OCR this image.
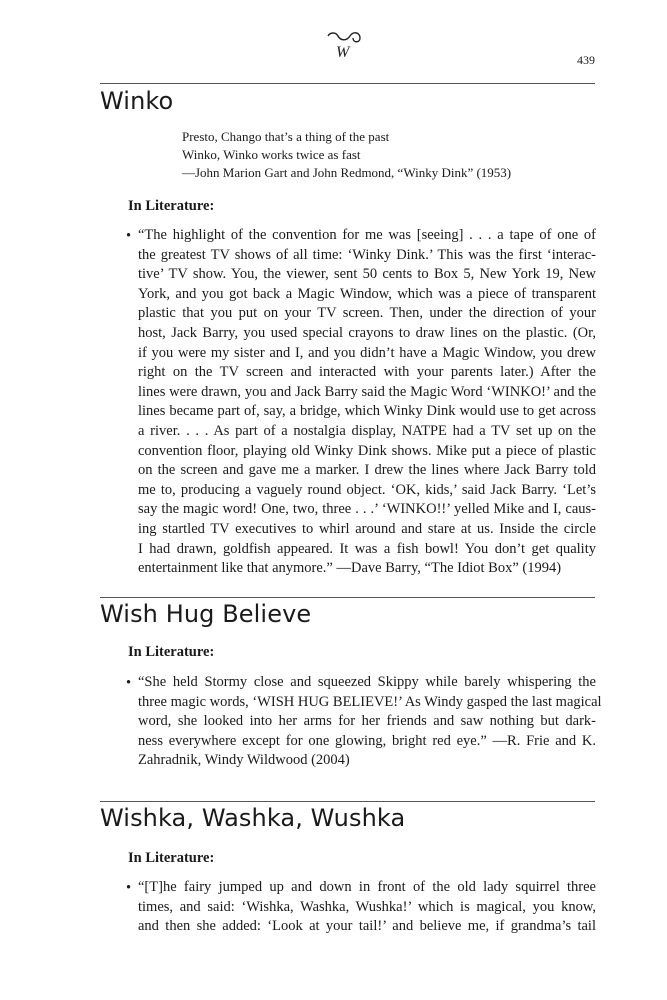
W	439
Winko
Presto, Chango that’s a thing of the past
Winko, Winko works twice as fast
—John Marion Gart and John Redmond, “Winky Dink” (1953)
In Literature:
• “The highlight of the convention for me was [seeing] . . . a tape of one of
the greatest TV shows of all time: ‘Winky Dink.’ This was the first ‘interac-
tive’ TV show. You, the viewer, sent 50 cents to Box 5, New York 19, New
York, and you got back a Magic Window, which was a piece of transparent
plastic that you put on your TV screen. Then, under the direction of your
host, Jack Barry, you used special crayons to draw lines on the plastic. (Or,
if you were my sister and I, and you didn’t have a Magic Window, you drew
right on the TV screen and interacted with your parents later.) After the
lines were drawn, you and Jack Barry said the Magic Word ‘WINKO!’ and the
lines became part of, say, a bridge, which Winky Dink would use to get across
a river. . . . As part of a nostalgia display, NATPE had a TV set up on the
convention floor, playing old Winky Dink shows. Mike put a piece of plastic
on the screen and gave me a marker. I drew the lines where Jack Barry told
me to, producing a vaguely round object. ‘OK, kids,’ said Jack Barry. ‘Let’s
say the magic word! One, two, three . . .’ ‘WINKO!!’ yelled Mike and I, caus-
ing startled TV executives to whirl around and stare at us. Inside the circle
I had drawn, goldfish appeared. It was a fish bowl! You don’t get quality
entertainment like that anymore.” —Dave Barry, “The Idiot Box” (1994)
Wish Hug Believe
In Literature:
• “She held Stormy close and squeezed Skippy while barely whispering the
three magic words, ‘WISH HUG BELIEVE!’ As Windy gasped the last magical
word, she looked into her arms for her friends and saw nothing but dark-
ness everywhere except for one glowing, bright red eye.” —R. Frie and K.
Zahradnik, Windy Wildwood (2004)
Wishka, Washka, Wushka
In Literature:
• “[T]he fairy jumped up and down in front of the old lady squirrel three
times, and said: ‘Wishka, Washka, Wushka!’ which is magical, you know,
and then she added: ‘Look at your tail!’ and believe me, if grandma’s tail
